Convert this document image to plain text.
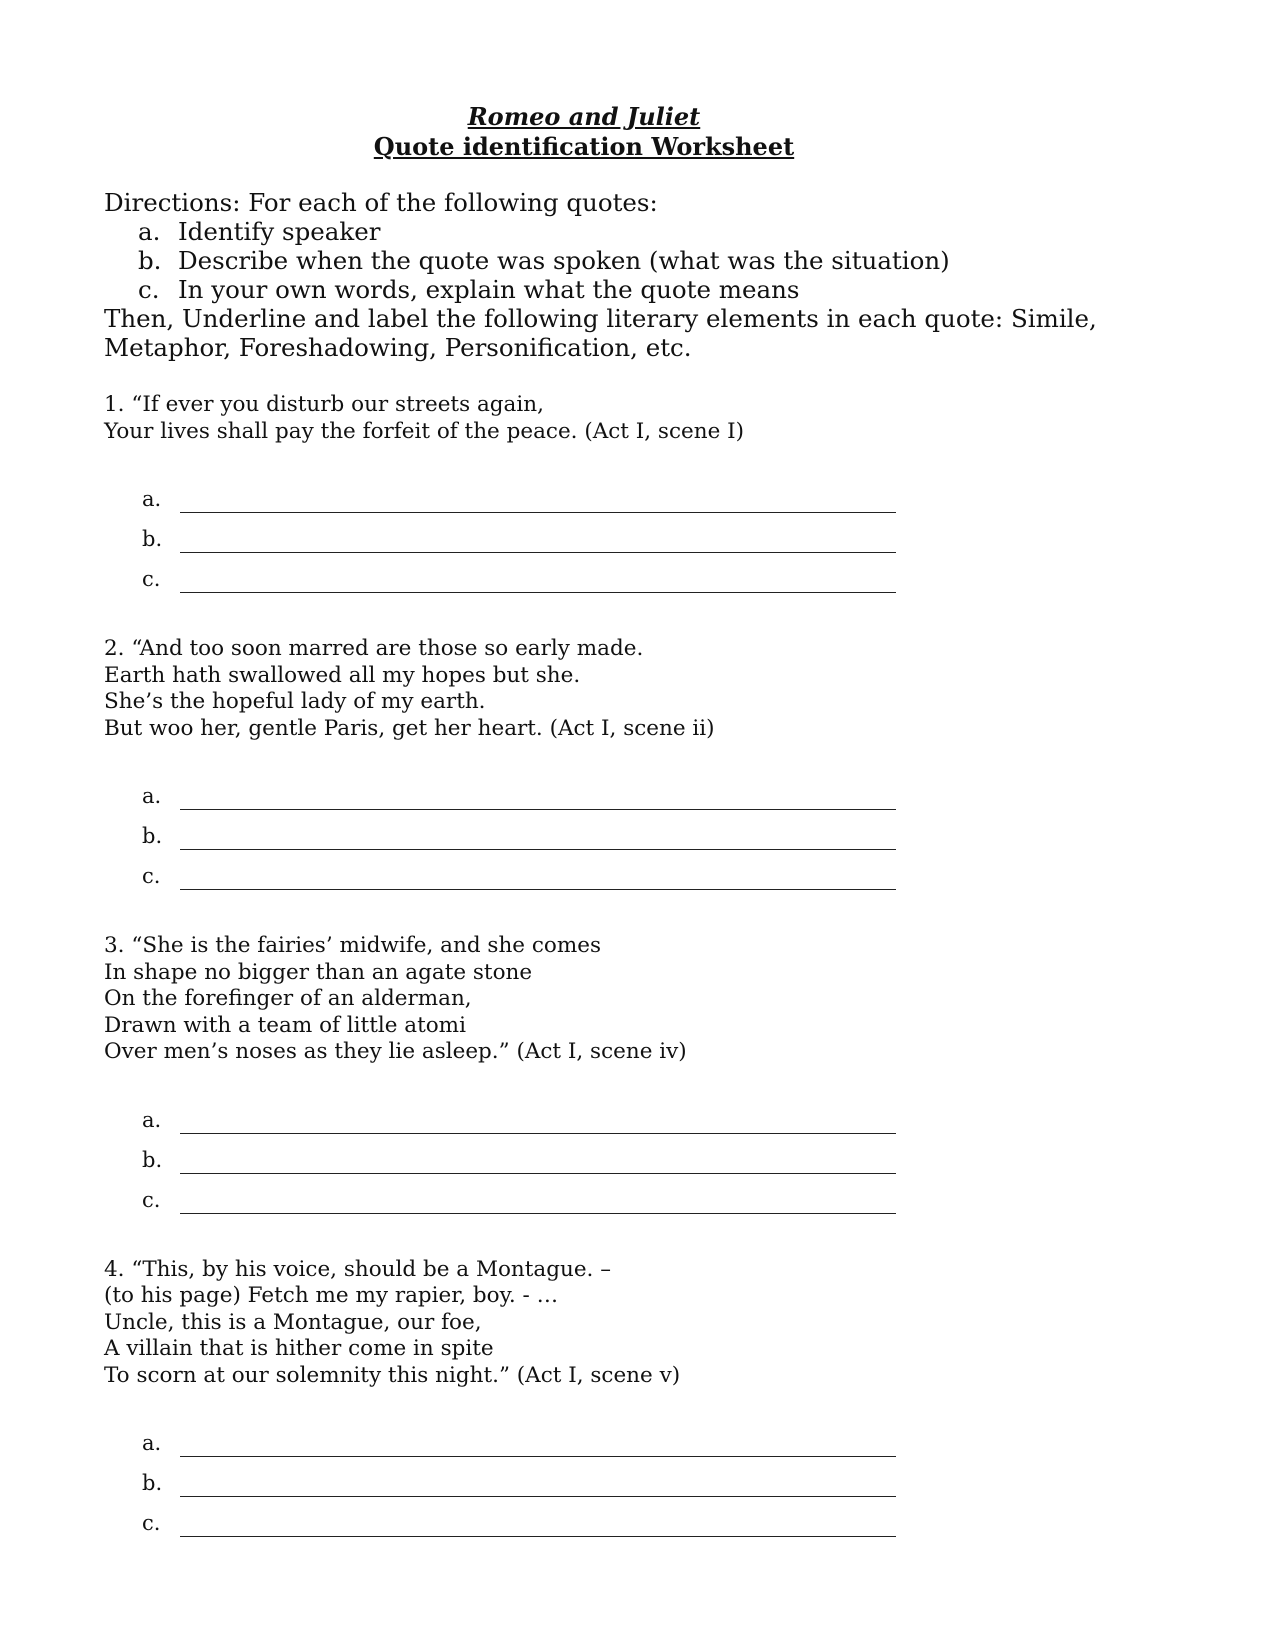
Romeo and Juliet

Quote identification Worksheet

Directions: For each of the following quotes:
a. Identify speaker
b. Describe when the quote was spoken (what was the situation)
c. In your own words, explain what the quote means
Then, Underline and label the following literary elements in each quote: Simile,
Metaphor, Foreshadowing, Personification, etc.
1. “If ever you disturb our streets again,
Your lives shall pay the forfeit of the peace. (Act I, scene I)
a.
b.
c.
2. “And too soon marred are those so early made.
Earth hath swallowed all my hopes but she.
She’s the hopeful lady of my earth.
But woo her, gentle Paris, get her heart. (Act I, scene ii)
a.
b.
c.
3. “She is the fairies’ midwife, and she comes
In shape no bigger than an agate stone
On the forefinger of an alderman,
Drawn with a team of little atomi
Over men’s noses as they lie asleep.” (Act I, scene iv)
a.
b.
c.
4. “This, by his voice, should be a Montague. –
(to his page) Fetch me my rapier, boy. - …
Uncle, this is a Montague, our foe,
A villain that is hither come in spite
To scorn at our solemnity this night.” (Act I, scene v)
a.
b.
c.
